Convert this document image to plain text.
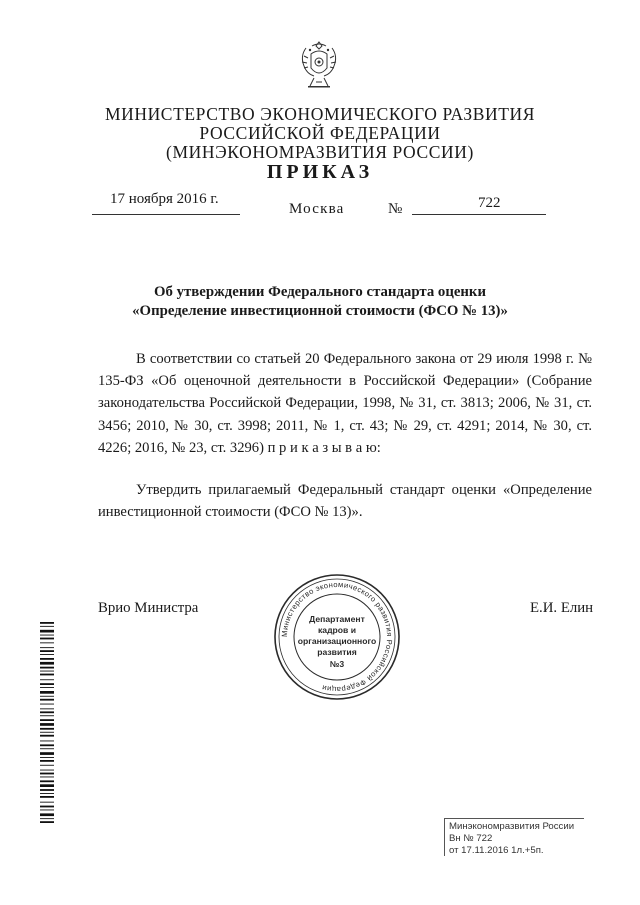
МИНИСТЕРСТВО ЭКОНОМИЧЕСКОГО РАЗВИТИЯ
РОССИЙСКОЙ ФЕДЕРАЦИИ
(МИНЭКОНОМРАЗВИТИЯ РОССИИ)
ПРИКАЗ
17 ноября 2016 г.
Москва	№	722
Об утверждении Федерального стандарта оценки
«Определение инвестиционной стоимости (ФСО № 13)»
В соответствии со статьей 20 Федерального закона от 29 июля 1998 г. № 135-ФЗ «Об оценочной деятельности в Российской Федерации» (Собрание законодательства Российской Федерации, 1998, № 31, ст. 3813; 2006, № 31, ст. 3456; 2010, № 30, ст. 3998; 2011, № 1, ст. 43; № 29, ст. 4291; 2014, № 30, ст. 4226; 2016, № 23, ст. 3296) п р и к а з ы в а ю:
Утвердить прилагаемый Федеральный стандарт оценки «Определение инвестиционной стоимости (ФСО № 13)».
Врио Министра	Е.И. Елин
Министерство экономического развития Российской Федерации
Департамент
кадров и
организационного
развития
№3
Минэкономразвития России
Вн № 722
от 17.11.2016 1л.+5п.
